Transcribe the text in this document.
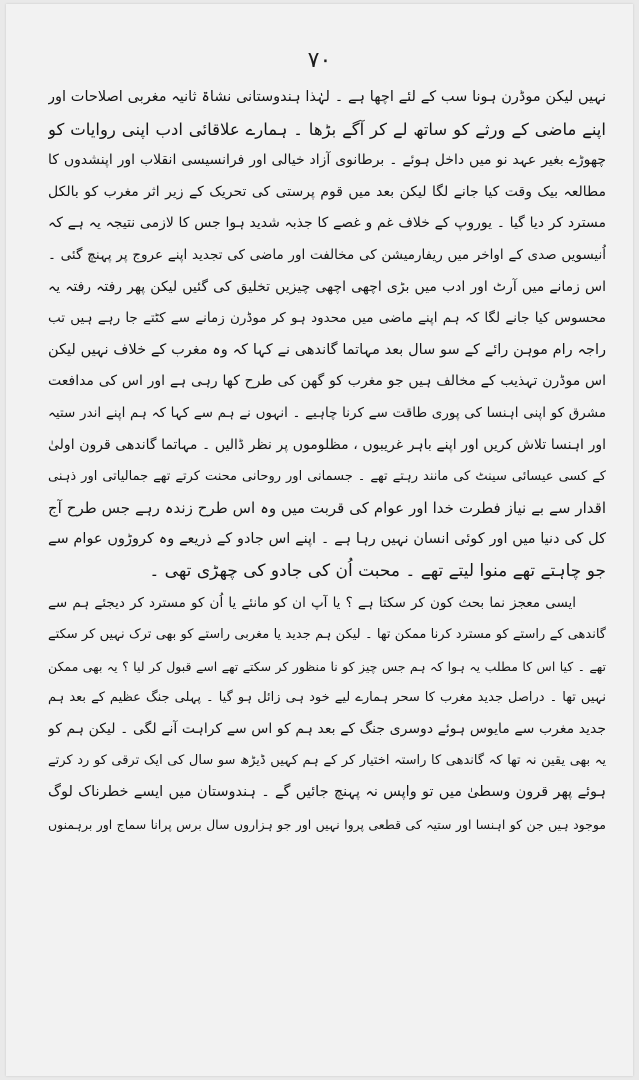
۷۰
نہیں لیکن موڈرن ہونا سب کے لئے اچھا ہے ۔ لہٰذا ہندوستانی نشاۃ ثانیہ مغربی اصلاحات اور
اپنے ماضی کے ورثے کو ساتھ لے کر آگے بڑھا ۔ ہمارے علاقائی ادب اپنی روایات کو
چھوڑے بغیر عہد نو میں داخل ہوئے ۔ برطانوی آزاد خیالی اور فرانسیسی انقلاب اور اپنشدوں کا
مطالعہ بیک وقت کیا جانے لگا لیکن بعد میں قوم پرستی کی تحریک کے زیر اثر مغرب کو بالکل
مسترد کر دیا گیا ۔ یوروپ کے خلاف غم و غصے کا جذبہ شدید ہوا جس کا لازمی نتیجہ یہ ہے کہ
اُنیسویں صدی کے اواخر میں ریفارمیشن کی مخالفت اور ماضی کی تجدید اپنے عروج پر پہنچ گئی ۔
اس زمانے میں آرٹ اور ادب میں بڑی اچھی اچھی چیزیں تخلیق کی گئیں لیکن پھر رفتہ رفتہ یہ
محسوس کیا جانے لگا کہ ہم اپنے ماضی میں محدود ہو کر موڈرن زمانے سے کٹتے جا رہے ہیں تب
راجہ رام موہن رائے کے سو سال بعد مہاتما گاندھی نے کہا کہ وہ مغرب کے خلاف نہیں لیکن
اس موڈرن تہذیب کے مخالف ہیں جو مغرب کو گھن کی طرح کھا رہی ہے اور اس کی مدافعت
مشرق کو اپنی اہنسا کی پوری طاقت سے کرنا چاہیے ۔ انہوں نے ہم سے کہا کہ ہم اپنے اندر ستیہ
اور اہنسا تلاش کریں اور اپنے باہر غریبوں ، مظلوموں پر نظر ڈالیں ۔ مہاتما گاندھی قرون اولیٰ
کے کسی عیسائی سینٹ کی مانند رہتے تھے ۔ جسمانی اور روحانی محنت کرتے تھے جمالیاتی اور ذہنی
اقدار سے بے نیاز فطرت خدا اور عوام کی قربت میں وہ اس طرح زندہ رہے جس طرح آج
کل کی دنیا میں اور کوئی انسان نہیں رہا ہے ۔ اپنے اس جادو کے ذریعے وہ کروڑوں عوام سے
جو چاہتے تھے منوا لیتے تھے ۔ محبت اُن کی جادو کی چھڑی تھی ۔
ایسی معجز نما بحث کون کر سکتا ہے ؟ یا آپ ان کو مانئے یا اُن کو مسترد کر دیجئے ہم سے
گاندھی کے راستے کو مسترد کرنا ممکن تھا ۔ لیکن ہم جدید یا مغربی راستے کو بھی ترک نہیں کر سکتے
تھے ۔ کیا اس کا مطلب یہ ہوا کہ ہم جس چیز کو نا منظور کر سکتے تھے اسے قبول کر لیا ؟ یہ بھی ممکن
نہیں تھا ۔ دراصل جدید مغرب کا سحر ہمارے لیے خود ہی زائل ہو گیا ۔ پہلی جنگ عظیم کے بعد ہم
جدید مغرب سے مایوس ہوئے دوسری جنگ کے بعد ہم کو اس سے کراہت آنے لگی ۔ لیکن ہم کو
یہ بھی یقین نہ تھا کہ گاندھی کا راستہ اختیار کر کے ہم کہیں ڈیڑھ سو سال کی ایک ترقی کو رد کرتے
ہوئے پھر قرون وسطیٰ میں تو واپس نہ پہنچ جائیں گے ۔ ہندوستان میں ایسے خطرناک لوگ
موجود ہیں جن کو اہنسا اور ستیہ کی قطعی پروا نہیں اور جو ہزاروں سال برس پرانا سماج اور برہمنوں
